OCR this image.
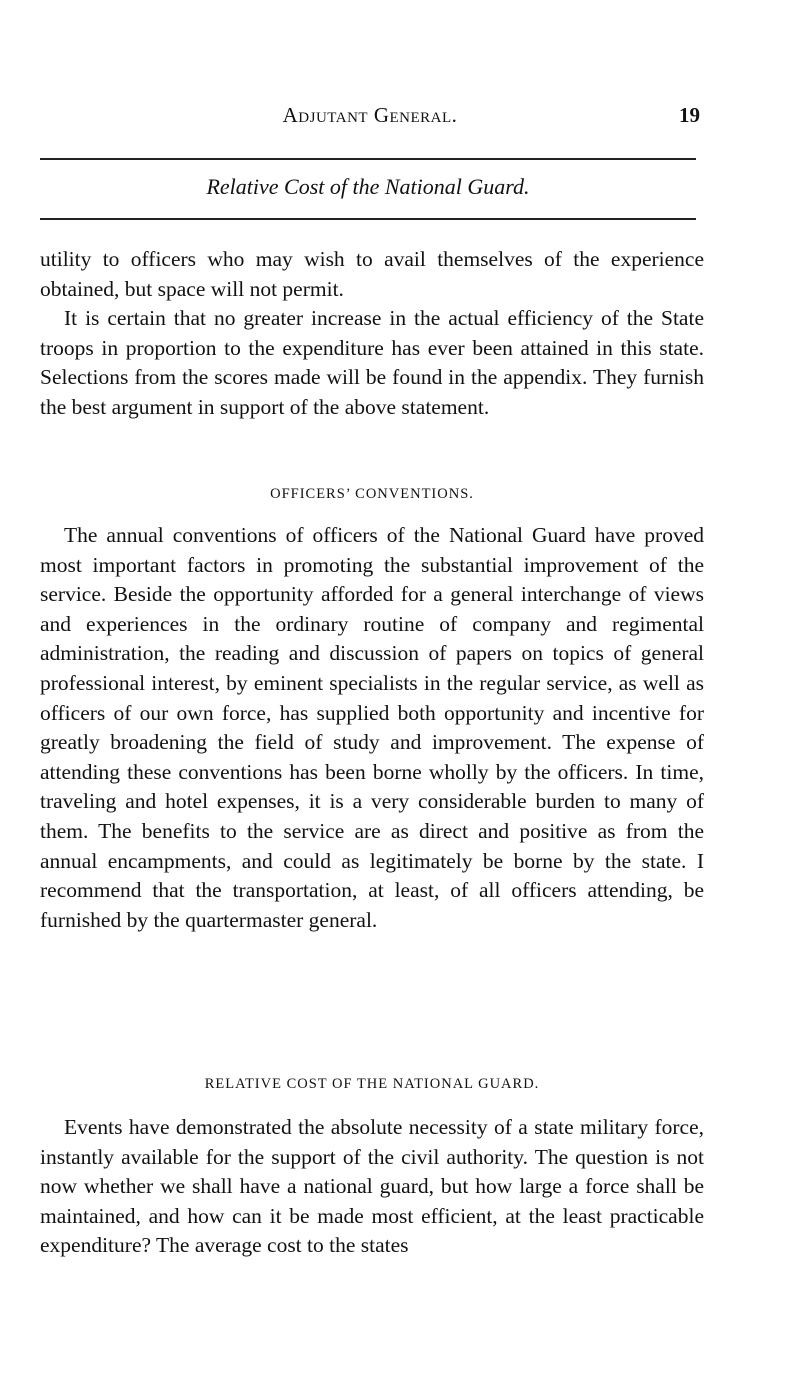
Adjutant General.	19
Relative Cost of the National Guard.

utility to officers who may wish to avail themselves of the experience obtained, but space will not permit.

It is certain that no greater increase in the actual efficiency of the State troops in proportion to the expenditure has ever been attained in this state. Selections from the scores made will be found in the appendix. They furnish the best argument in support of the above statement.

OFFICERS’ CONVENTIONS.

The annual conventions of officers of the National Guard have proved most important factors in promoting the substantial improvement of the service. Beside the opportunity afforded for a general interchange of views and experiences in the ordinary routine of company and regimental administration, the reading and discussion of papers on topics of general professional interest, by eminent specialists in the regular service, as well as officers of our own force, has supplied both opportunity and incentive for greatly broadening the field of study and improvement. The expense of attending these conventions has been borne wholly by the officers. In time, traveling and hotel expenses, it is a very considerable burden to many of them. The benefits to the service are as direct and positive as from the annual encampments, and could as legitimately be borne by the state. I recommend that the transportation, at least, of all officers attending, be furnished by the quartermaster general.

RELATIVE COST OF THE NATIONAL GUARD.

Events have demonstrated the absolute necessity of a state military force, instantly available for the support of the civil authority. The question is not now whether we shall have a national guard, but how large a force shall be maintained, and how can it be made most efficient, at the least practicable expenditure? The average cost to the states
